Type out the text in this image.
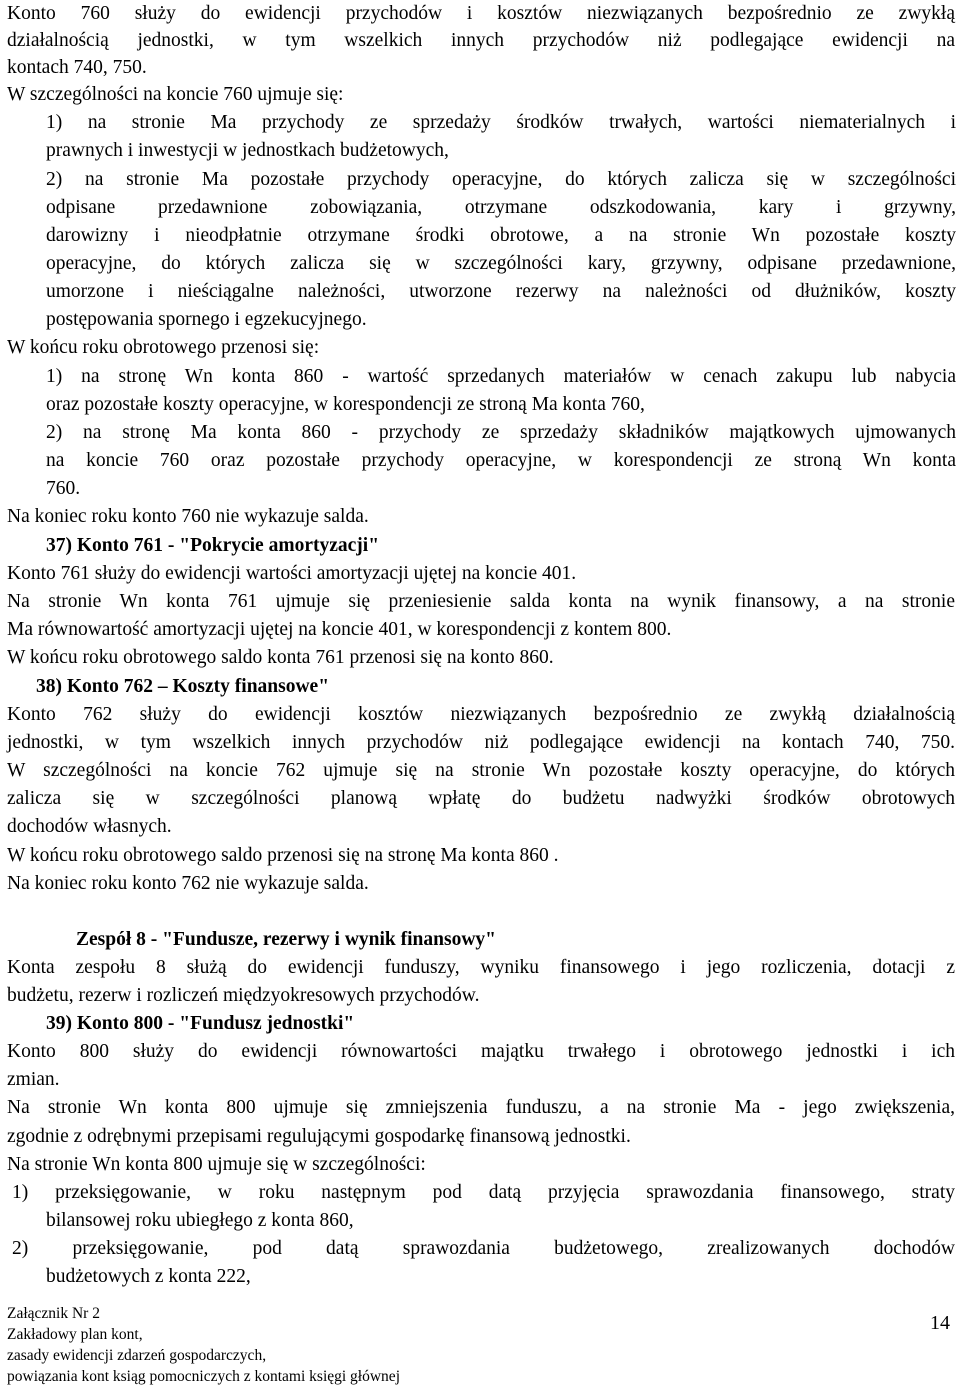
Konto 760 służy do ewidencji przychodów i kosztów niezwiązanych bezpośrednio ze zwykłą
działalnością jednostki, w tym wszelkich innych przychodów niż podlegające ewidencji na
kontach 740, 750.
W szczególności na koncie 760 ujmuje się:
1) na stronie Ma przychody ze sprzedaży środków trwałych, wartości niematerialnych i
prawnych i inwestycji w jednostkach budżetowych,
2) na stronie Ma pozostałe przychody operacyjne, do których zalicza się w szczególności
odpisane przedawnione zobowiązania, otrzymane odszkodowania, kary i grzywny,
darowizny i nieodpłatnie otrzymane środki obrotowe, a na stronie Wn pozostałe koszty
operacyjne, do których zalicza się w szczególności kary, grzywny, odpisane przedawnione,
umorzone i nieściągalne należności, utworzone rezerwy na należności od dłużników, koszty
postępowania spornego i egzekucyjnego.
W końcu roku obrotowego przenosi się:
1) na stronę Wn konta 860 - wartość sprzedanych materiałów w cenach zakupu lub nabycia
oraz pozostałe koszty operacyjne, w korespondencji ze stroną Ma konta 760,
2) na stronę Ma konta 860 - przychody ze sprzedaży składników majątkowych ujmowanych
na koncie 760 oraz pozostałe przychody operacyjne, w korespondencji ze stroną Wn konta
760.
Na koniec roku konto 760 nie wykazuje salda.
37) Konto 761 - "Pokrycie amortyzacji"
Konto 761 służy do ewidencji wartości amortyzacji ujętej na koncie 401.
Na stronie Wn konta 761 ujmuje się przeniesienie salda konta na wynik finansowy, a na stronie
Ma równowartość amortyzacji ujętej na koncie 401, w korespondencji z kontem 800.
W końcu roku obrotowego saldo konta 761 przenosi się na konto 860.
38) Konto 762 – Koszty finansowe"
Konto 762 służy do ewidencji kosztów niezwiązanych bezpośrednio ze zwykłą działalnością
jednostki, w tym wszelkich innych przychodów niż podlegające ewidencji na kontach 740, 750.
W szczególności na koncie 762 ujmuje się na stronie Wn pozostałe koszty operacyjne, do których
zalicza się w szczególności planową wpłatę do budżetu nadwyżki środków obrotowych
dochodów własnych.
W końcu roku obrotowego saldo przenosi się na stronę Ma konta 860 .
Na koniec roku konto 762 nie wykazuje salda.
Zespół 8 - "Fundusze, rezerwy i wynik finansowy"
Konta zespołu 8 służą do ewidencji funduszy, wyniku finansowego i jego rozliczenia, dotacji z
budżetu, rezerw i rozliczeń międzyokresowych przychodów.
39) Konto 800 - "Fundusz jednostki"
Konto 800 służy do ewidencji równowartości majątku trwałego i obrotowego jednostki i ich
zmian.
Na stronie Wn konta 800 ujmuje się zmniejszenia funduszu, a na stronie Ma - jego zwiększenia,
zgodnie z odrębnymi przepisami regulującymi gospodarkę finansową jednostki.
Na stronie Wn konta 800 ujmuje się w szczególności:
1) przeksięgowanie, w roku następnym pod datą przyjęcia sprawozdania finansowego, straty
bilansowej roku ubiegłego z konta 860,
2) przeksięgowanie, pod datą sprawozdania budżetowego, zrealizowanych dochodów
budżetowych z konta 222,
Załącznik Nr 2
Zakładowy plan kont,
zasady ewidencji zdarzeń gospodarczych,
powiązania kont ksiąg pomocniczych z kontami księgi głównej
14
